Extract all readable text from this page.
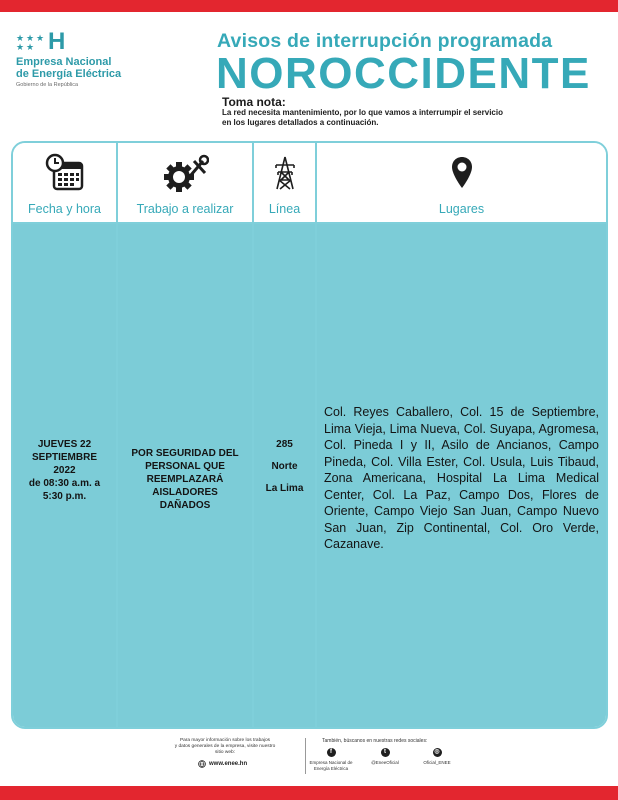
★ ★ ★
★ ★ H
Empresa Nacional
de Energía Eléctrica
Gobierno de la República
Avisos de interrupción programada
NOROCCIDENTE
Toma nota:
La red necesita mantenimiento, por lo que vamos a interrumpir el servicio
en los lugares detallados a continuación.
Fecha y hora
JUEVES 22
SEPTIEMBRE
2022
de 08:30 a.m. a
5:30 p.m.
Trabajo a realizar
POR SEGURIDAD DEL PERSONAL QUE REEMPLAZARÁ AISLADORES DAÑADOS
Línea
285
Norte
La Lima
Lugares
Col. Reyes Caballero, Col. 15 de Septiembre, Lima Vieja, Lima Nueva, Col. Suyapa, Agromesa, Col. Pineda I y II, Asilo de Ancianos, Campo Pineda, Col. Villa Ester, Col. Usula, Luis Tibaud, Zona Americana, Hospital La Lima Medical Center, Col. La Paz, Campo Dos, Flores de Oriente, Campo Viejo San Juan, Campo Nuevo San Juan, Zip Continental, Col. Oro Verde, Cazanave.
Para mayor información sobre los trabajos
y datos generales de la empresa, visite nuestro
sitio web:
www.enee.hn
También, búscanos en nuestras redes sociales:
f
Empresa Nacional de
Energía Eléctrica
t
@EneeOficial
◎
Oficial_ENEE
